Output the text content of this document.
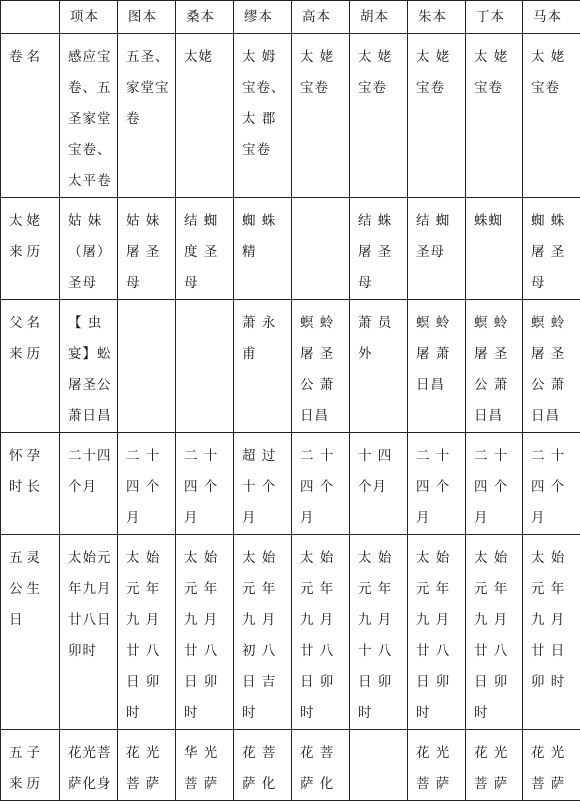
	项本	图本	桑本	缪本	高本	胡本	朱本	丁本	马本
卷名	感应宝卷、五圣家堂宝卷、太平卷	五圣、家堂宝卷	太姥	太 姆宝卷、太 郡宝卷	太 姥宝卷	太 姥宝卷	太 姥宝卷	太 姥宝卷	太 姥宝卷
太姥来历	姑 妹（屠）圣母	姑 妹屠 圣母	结 蜘度 圣母	蜘 蛛精		结 蛛屠 圣母	结 蜘圣母	蛛蜘	蜘 蛛屠 圣母
父名来历	【 虫宴】蚣屠圣公萧日昌			萧 永甫	螟 蛉屠 圣 公 萧日昌	萧 员外	螟 蛉屠 萧 日昌	螟 蛉屠 圣公 萧日昌	螟 蛉屠 圣 公 萧日昌
怀孕时长	二十四个月	二 十四 个月	二 十四 个月	超 过十 个月	二 十四 个月	十 四个月	二 十四 个月	二 十四 个月	二 十四 个月
五灵公生日	太始元年九月廿八日卯时	太 始元 年九 月廿 八日 卯时	太 始元 年九 月廿 八日 卯时	太 始元 年九 月初 八日 吉时	太 始元 年九 月廿 八日 卯时	太 始元 年九 月十 八日 卯时	太 始元 年九 月廿 八日 卯时	太 始元 年九 月廿 八日 卯时	太 始元 年九 月廿 日卯 时
五子来历	花光菩萨化身	花 光菩 萨	华 光菩 萨	花 菩萨 化	花 菩萨 化		花 光菩 萨	花 光菩 萨	花 光菩 萨
